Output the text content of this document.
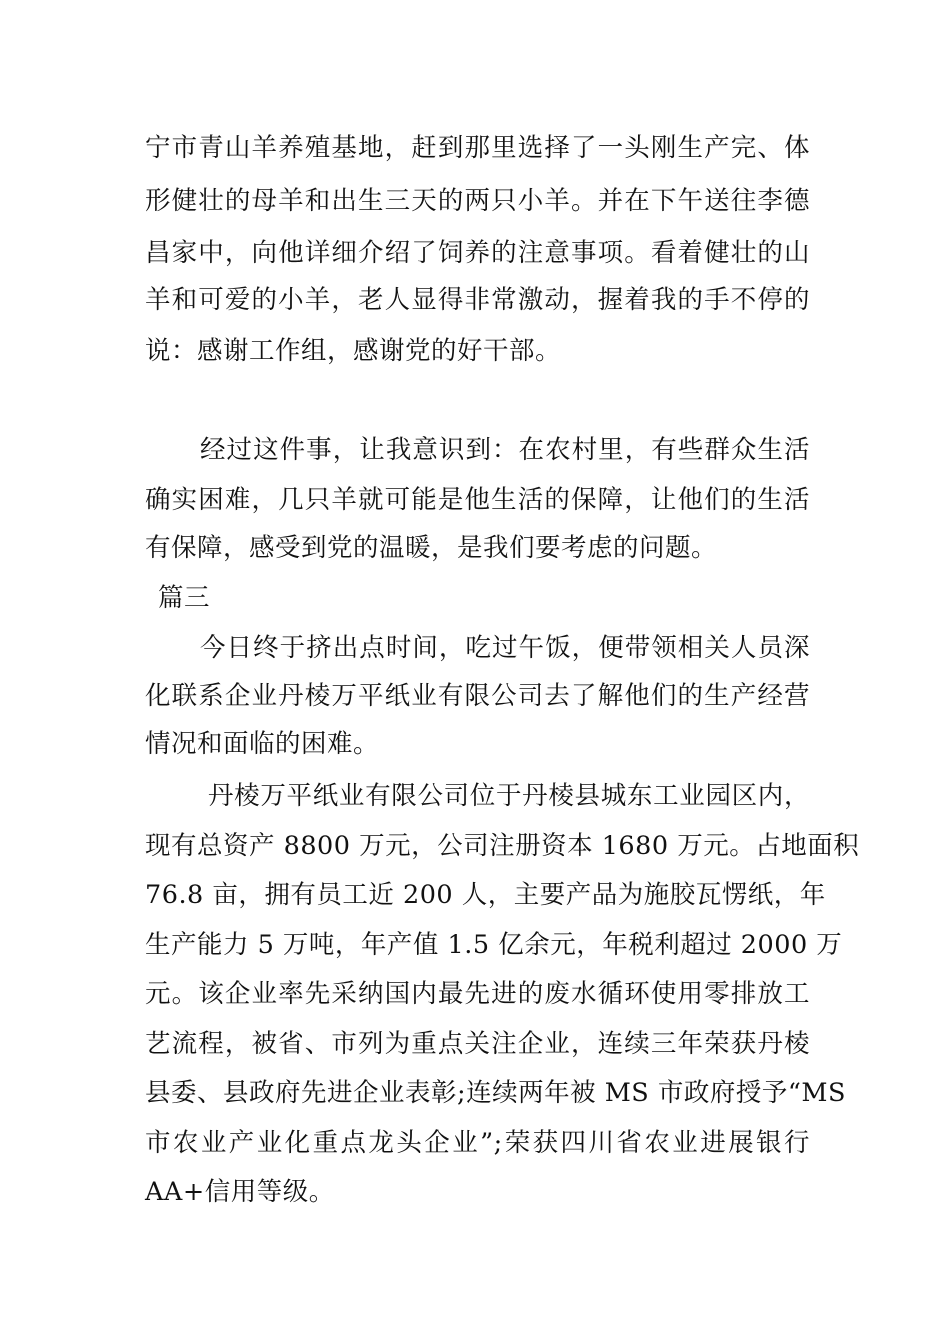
宁市青山羊养殖基地，赶到那里选择了一头刚生产完、体
形健壮的母羊和出生三天的两只小羊。并在下午送往李德
昌家中，向他详细介绍了饲养的注意事项。看着健壮的山
羊和可爱的小羊，老人显得非常激动，握着我的手不停的
说：感谢工作组，感谢党的好干部。
经过这件事，让我意识到：在农村里，有些群众生活
确实困难，几只羊就可能是他生活的保障，让他们的生活
有保障，感受到党的温暖，是我们要考虑的问题。
篇三
今日终于挤出点时间，吃过午饭，便带领相关人员深
化联系企业丹棱万平纸业有限公司去了解他们的生产经营
情况和面临的困难。
丹棱万平纸业有限公司位于丹棱县城东工业园区内，
现有总资产 8800 万元，公司注册资本 1680 万元。占地面积
76.8 亩，拥有员工近 200 人，主要产品为施胶瓦愣纸，年
生产能力 5 万吨，年产值 1.5 亿余元，年税利超过 2000 万
元。该企业率先采纳国内最先进的废水循环使用零排放工
艺流程，被省、市列为重点关注企业，连续三年荣获丹棱
县委、县政府先进企业表彰;连续两年被 MS 市政府授予“MS
市农业产业化重点龙头企业”;荣获四川省农业进展银行
AA+信用等级。
